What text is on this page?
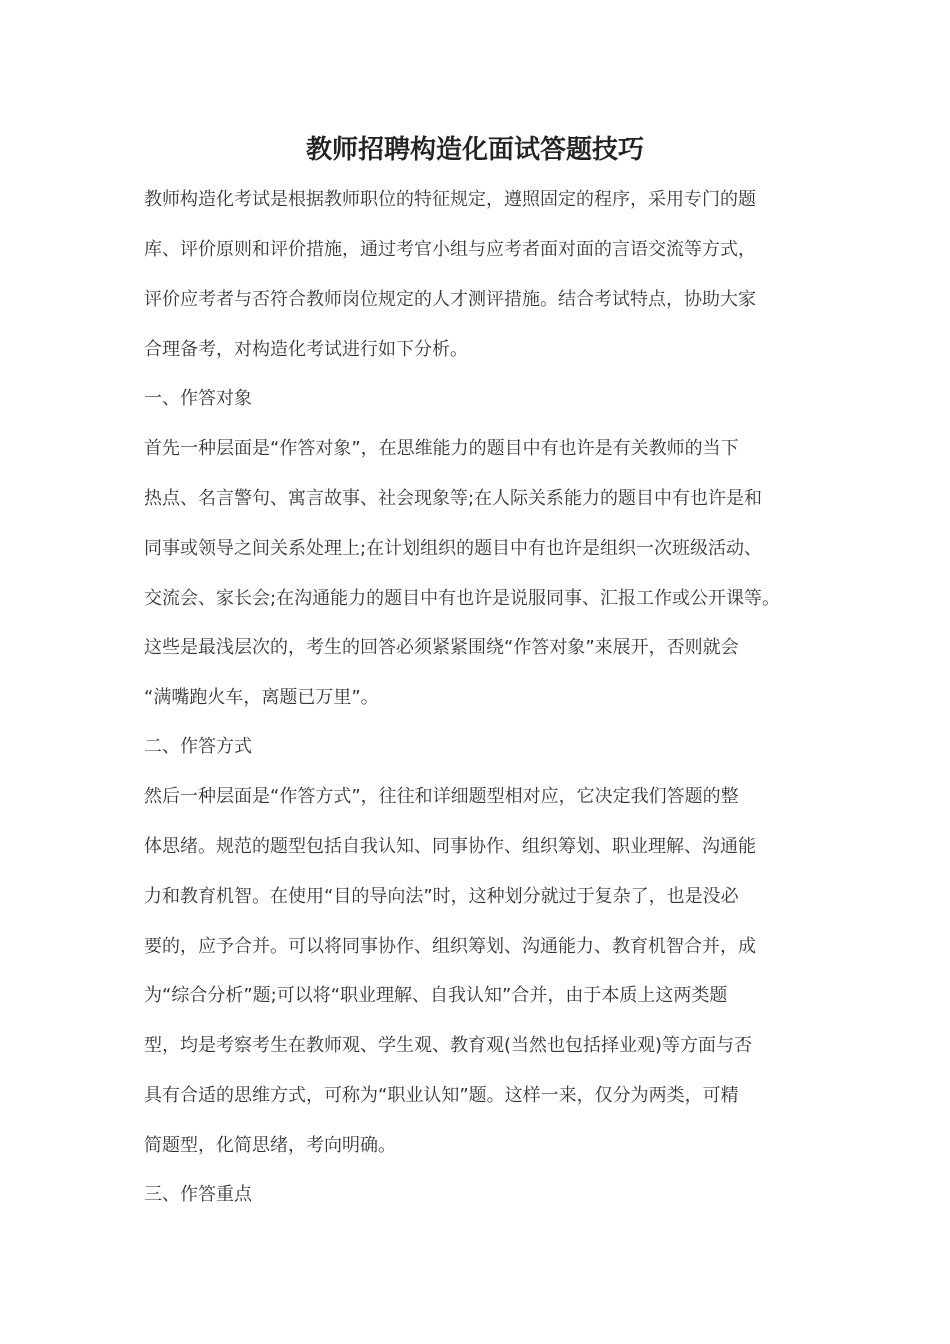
教师招聘构造化面试答题技巧

教师构造化考试是根据教师职位的特征规定，遵照固定的程序，采用专门的题

库、评价原则和评价措施，通过考官小组与应考者面对面的言语交流等方式，

评价应考者与否符合教师岗位规定的人才测评措施。结合考试特点，协助大家

合理备考，对构造化考试进行如下分析。

一、作答对象

首先一种层面是“作答对象”，在思维能力的题目中有也许是有关教师的当下

热点、名言警句、寓言故事、社会现象等;在人际关系能力的题目中有也许是和

同事或领导之间关系处理上;在计划组织的题目中有也许是组织一次班级活动、

交流会、家长会;在沟通能力的题目中有也许是说服同事、汇报工作或公开课等。

这些是最浅层次的，考生的回答必须紧紧围绕“作答对象”来展开，否则就会

“满嘴跑火车，离题已万里”。

二、作答方式

然后一种层面是“作答方式”，往往和详细题型相对应，它决定我们答题的整

体思绪。规范的题型包括自我认知、同事协作、组织筹划、职业理解、沟通能

力和教育机智。在使用“目的导向法”时，这种划分就过于复杂了，也是没必

要的，应予合并。可以将同事协作、组织筹划、沟通能力、教育机智合并，成

为“综合分析”题;可以将“职业理解、自我认知”合并，由于本质上这两类题

型，均是考察考生在教师观、学生观、教育观(当然也包括择业观)等方面与否

具有合适的思维方式，可称为“职业认知”题。这样一来，仅分为两类，可精

简题型，化简思绪，考向明确。

三、作答重点
